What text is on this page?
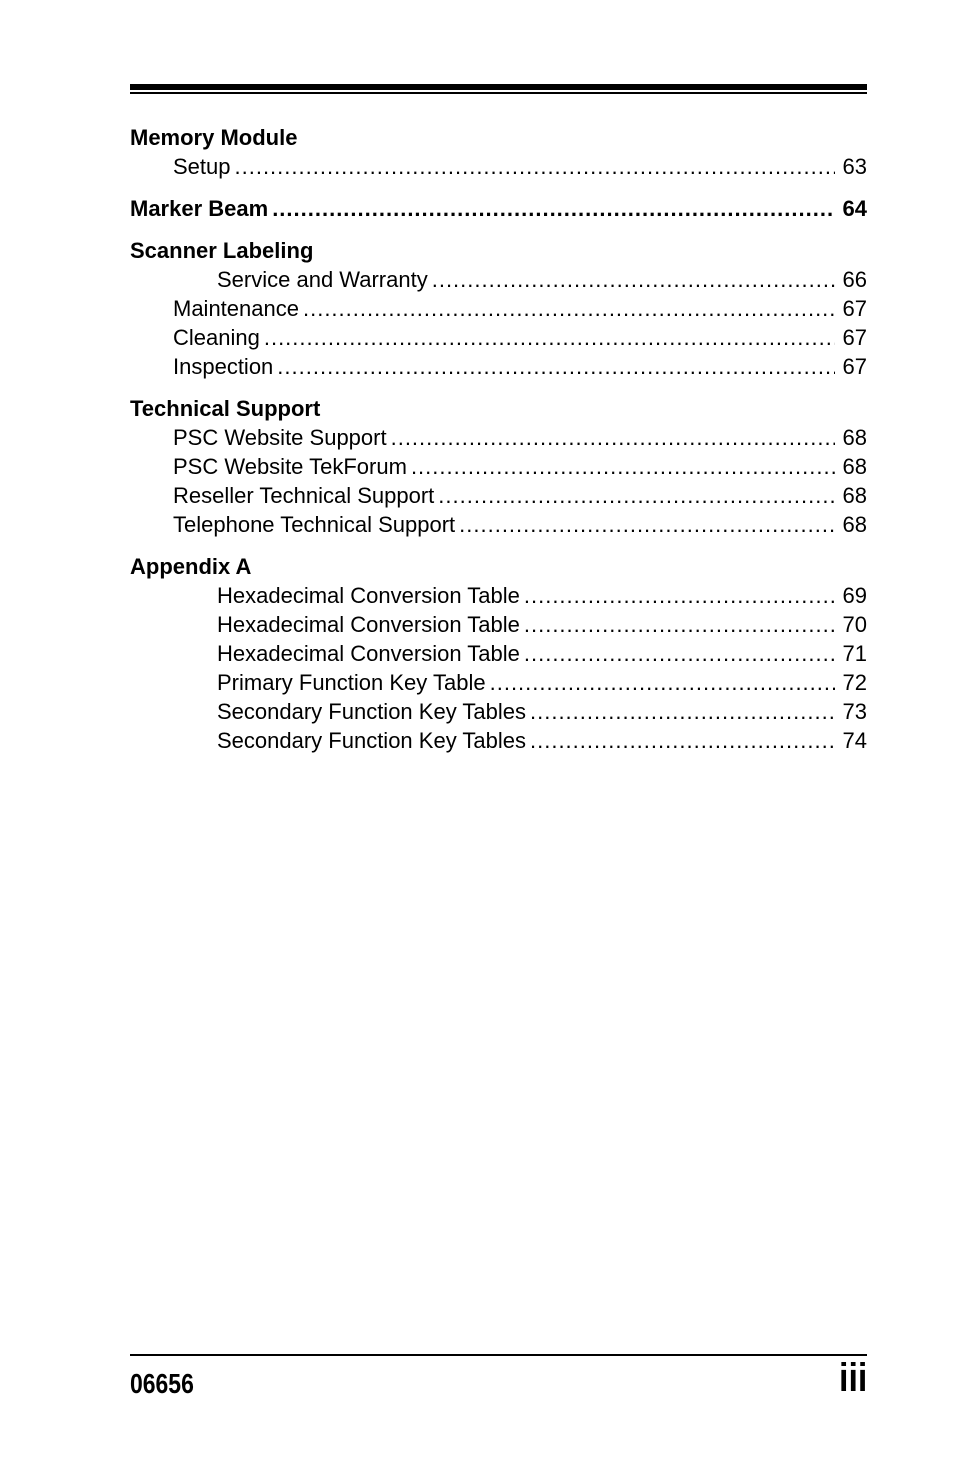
Memory Module
Setup .....	63
Marker Beam .....	64
Scanner Labeling
Service and Warranty .....	66
Maintenance .....	67
Cleaning .....	67
Inspection .....	67
Technical Support
PSC Website Support .....	68
PSC Website TekForum .....	68
Reseller Technical Support .....	68
Telephone Technical Support .....	68
Appendix A
Hexadecimal Conversion Table .....	69
Hexadecimal Conversion Table .....	70
Hexadecimal Conversion Table .....	71
Primary Function Key Table .....	72
Secondary Function Key Tables .....	73
Secondary Function Key Tables .....	74
06656	iii
